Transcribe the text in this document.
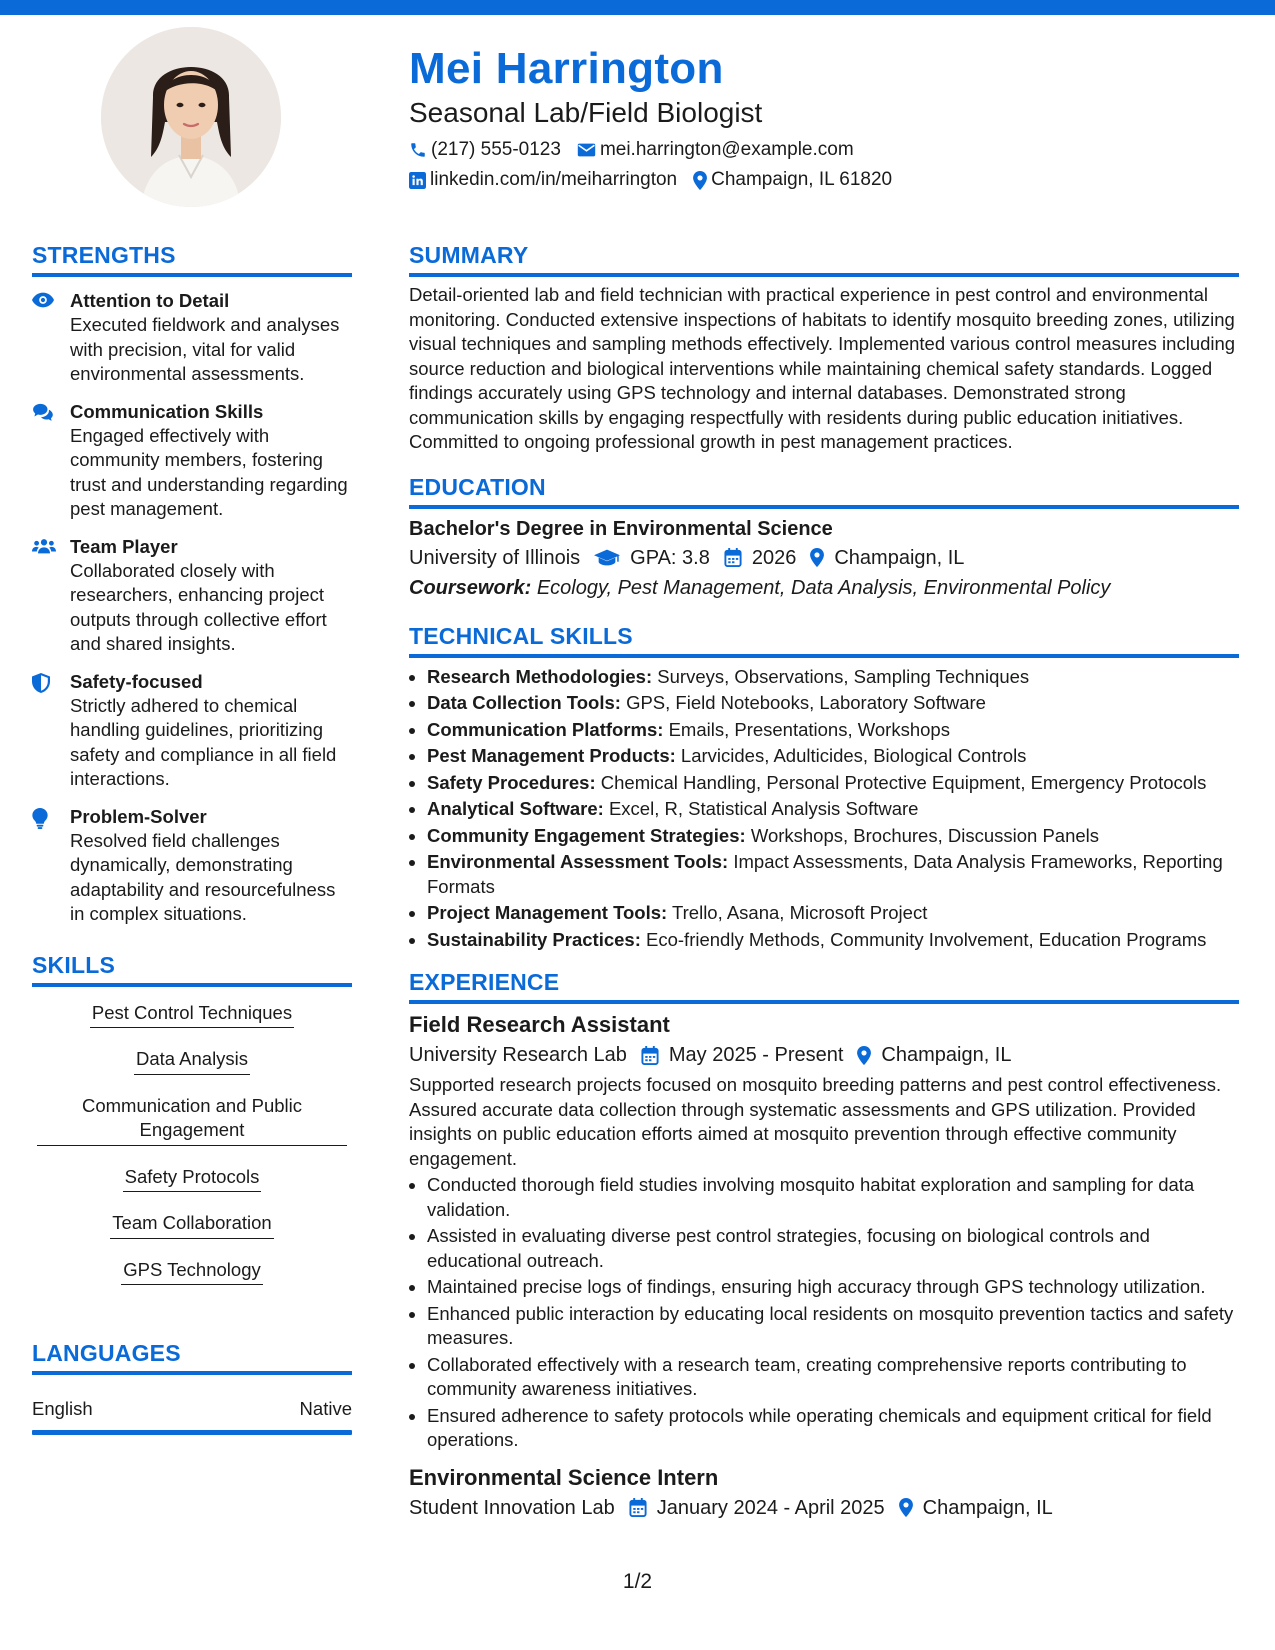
Mei Harrington
Seasonal Lab/Field Biologist
(217) 555-0123 mei.harrington@example.com
linkedin.com/in/meiharrington Champaign, IL 61820
STRENGTHS
Attention to Detail
Executed fieldwork and analyses with precision, vital for valid environmental assessments.
Communication Skills
Engaged effectively with community members, fostering trust and understanding regarding pest management.
Team Player
Collaborated closely with researchers, enhancing project outputs through collective effort and shared insights.
Safety-focused
Strictly adhered to chemical handling guidelines, prioritizing safety and compliance in all field interactions.
Problem-Solver
Resolved field challenges dynamically, demonstrating adaptability and resourcefulness in complex situations.
SKILLS
Pest Control Techniques
Data Analysis
Communication and Public Engagement
Safety Protocols
Team Collaboration
GPS Technology
LANGUAGES
English	Native
SUMMARY
Detail-oriented lab and field technician with practical experience in pest control and environmental monitoring. Conducted extensive inspections of habitats to identify mosquito breeding zones, utilizing visual techniques and sampling methods effectively. Implemented various control measures including source reduction and biological interventions while maintaining chemical safety standards. Logged findings accurately using GPS technology and internal databases. Demonstrated strong communication skills by engaging respectfully with residents during public education initiatives. Committed to ongoing professional growth in pest management practices.
EDUCATION
Bachelor's Degree in Environmental Science
University of Illinois	GPA: 3.8 2026 Champaign, IL
Coursework: Ecology, Pest Management, Data Analysis, Environmental Policy
TECHNICAL SKILLS
• Research Methodologies: Surveys, Observations, Sampling Techniques
• Data Collection Tools: GPS, Field Notebooks, Laboratory Software
• Communication Platforms: Emails, Presentations, Workshops
• Pest Management Products: Larvicides, Adulticides, Biological Controls
• Safety Procedures: Chemical Handling, Personal Protective Equipment, Emergency Protocols
• Analytical Software: Excel, R, Statistical Analysis Software
• Community Engagement Strategies: Workshops, Brochures, Discussion Panels
• Environmental Assessment Tools: Impact Assessments, Data Analysis Frameworks, Reporting Formats
• Project Management Tools: Trello, Asana, Microsoft Project
• Sustainability Practices: Eco-friendly Methods, Community Involvement, Education Programs
EXPERIENCE
Field Research Assistant
University Research Lab May 2025 - Present Champaign, IL
Supported research projects focused on mosquito breeding patterns and pest control effectiveness. Assured accurate data collection through systematic assessments and GPS utilization. Provided insights on public education efforts aimed at mosquito prevention through effective community engagement.
• Conducted thorough field studies involving mosquito habitat exploration and sampling for data validation.
• Assisted in evaluating diverse pest control strategies, focusing on biological controls and educational outreach.
• Maintained precise logs of findings, ensuring high accuracy through GPS technology utilization.
• Enhanced public interaction by educating local residents on mosquito prevention tactics and safety measures.
• Collaborated effectively with a research team, creating comprehensive reports contributing to community awareness initiatives.
• Ensured adherence to safety protocols while operating chemicals and equipment critical for field operations.
Environmental Science Intern
Student Innovation Lab January 2024 - April 2025 Champaign, IL
1/2
